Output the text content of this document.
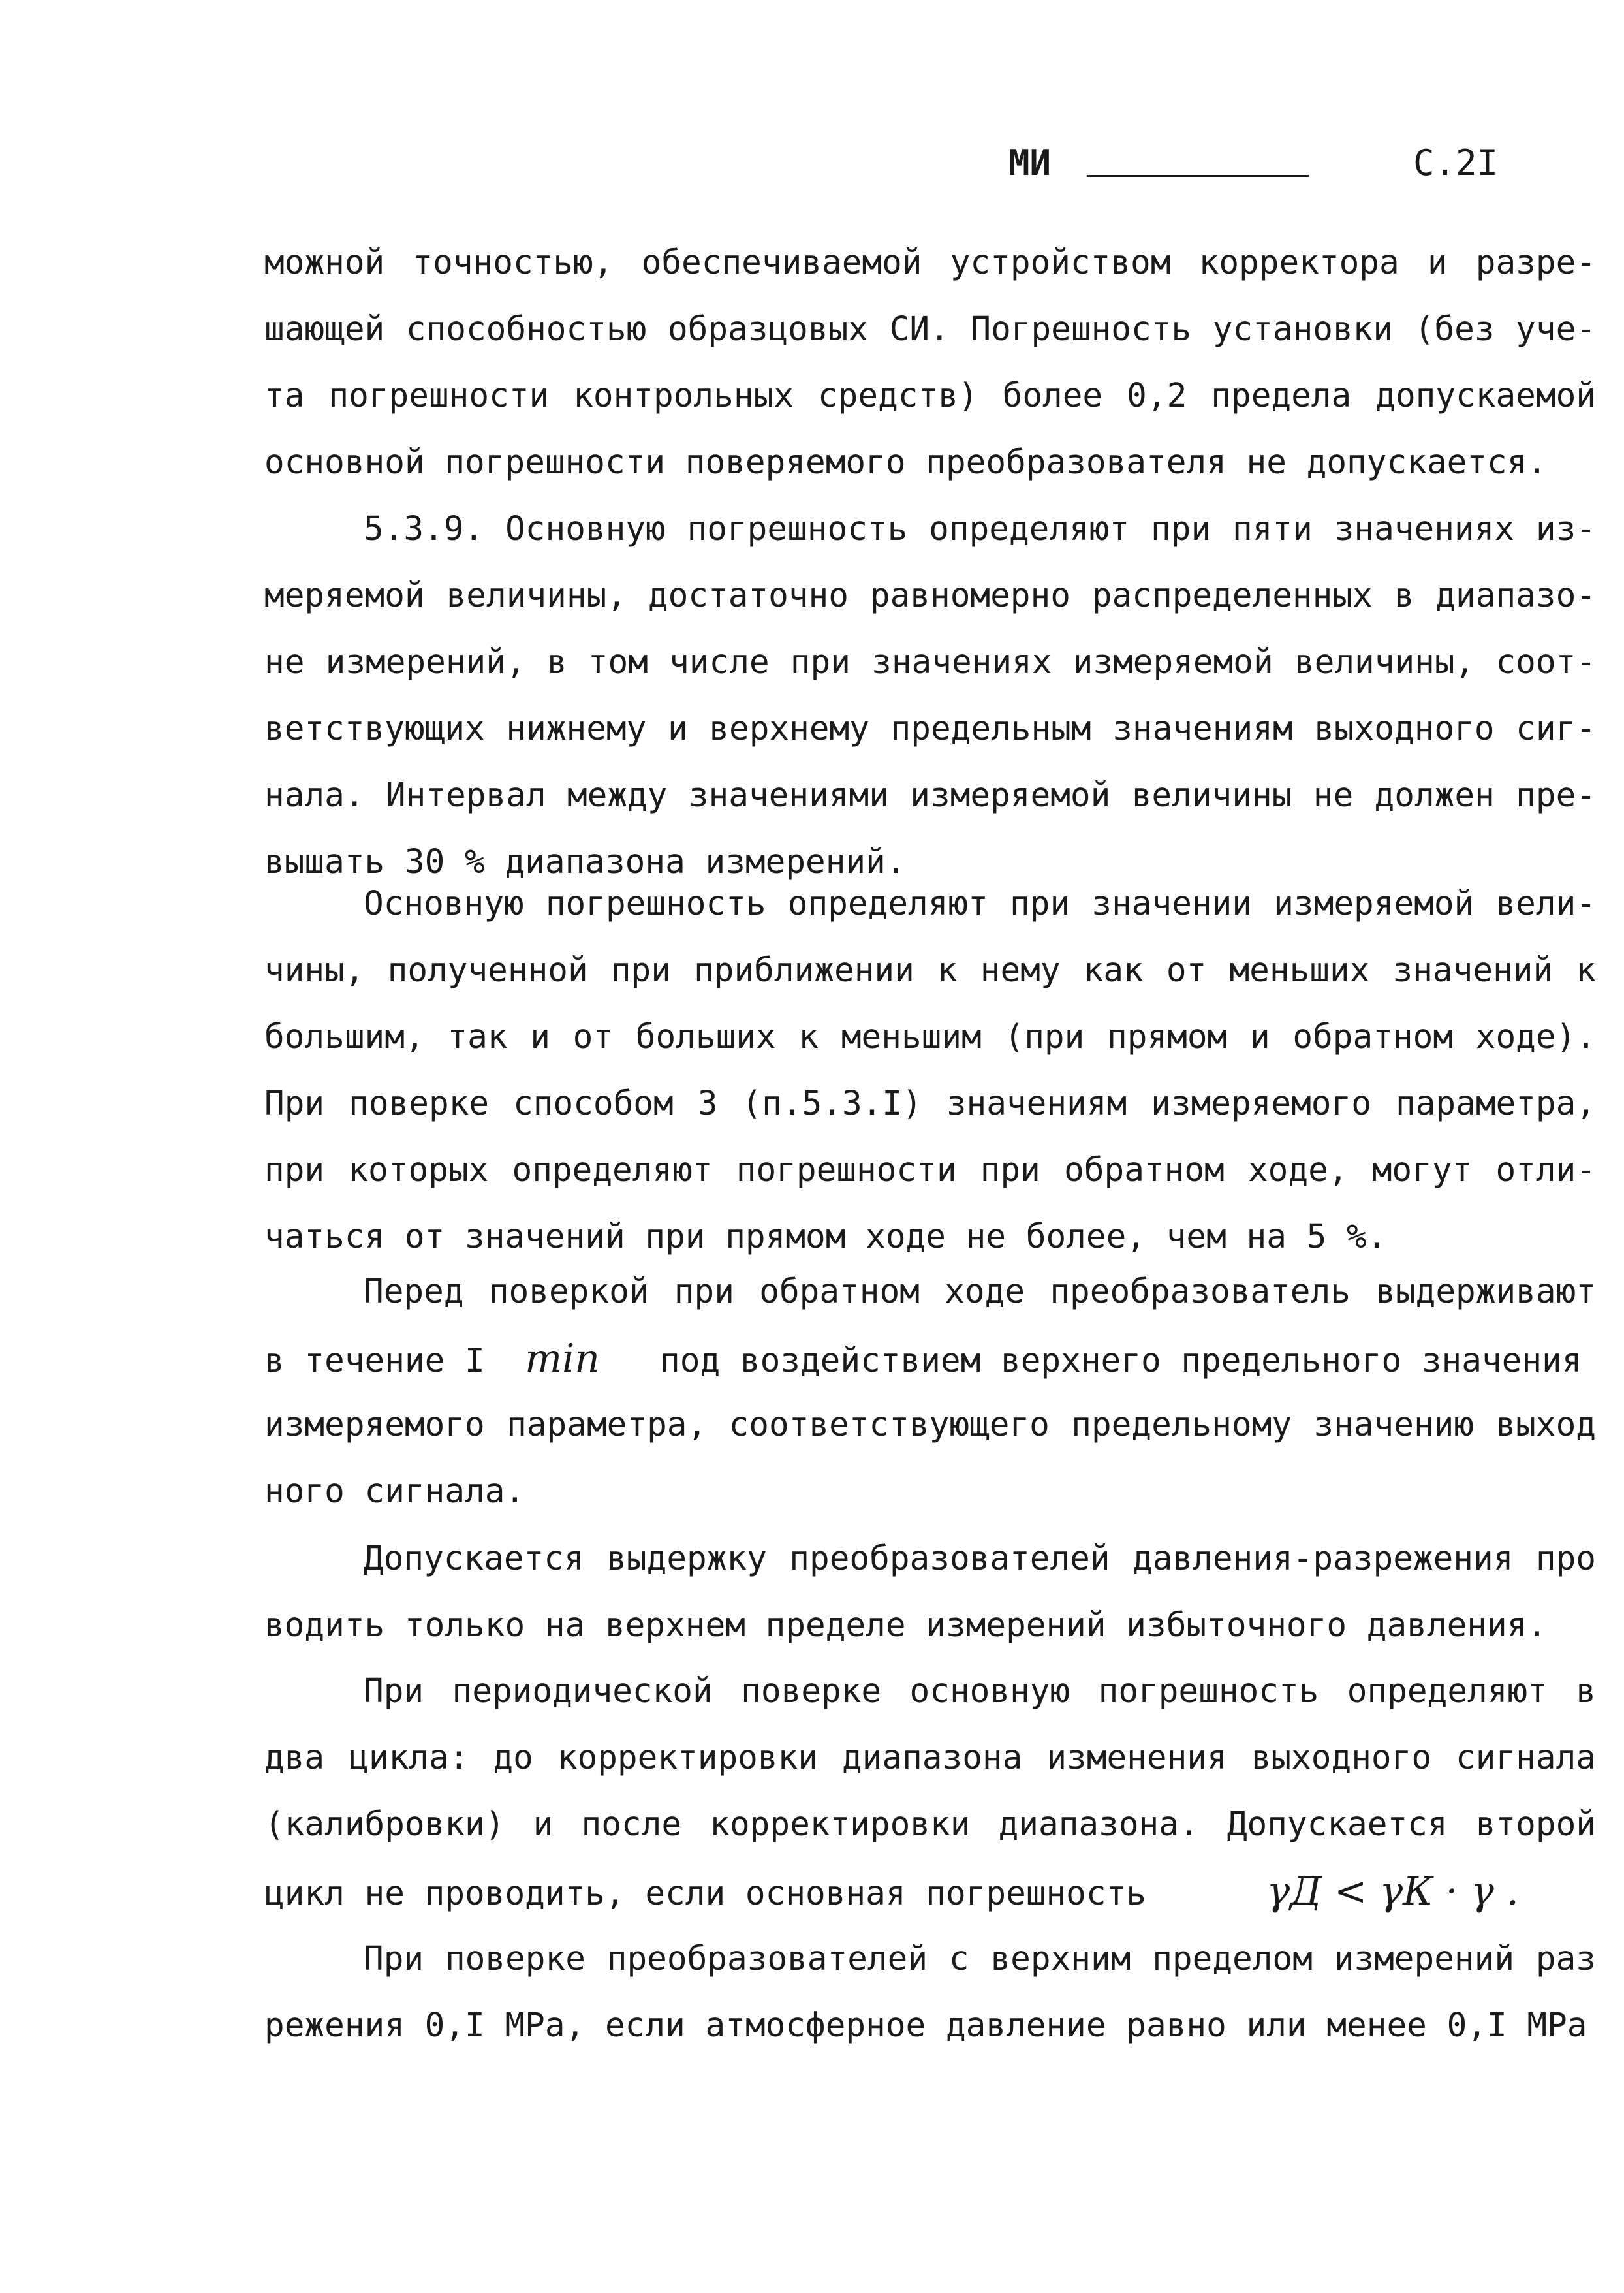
МИ	С.2I
можной точностью, обеспечиваемой устройством корректора и разре-
шающей способностью образцовых СИ. Погрешность установки (без уче-
та погрешности контрольных средств) более 0,2 предела допускаемой
основной погрешности поверяемого преобразователя не допускается.
5.3.9. Основную погрешность определяют при пяти значениях из-
меряемой величины, достаточно равномерно распределенных в диапазо-
не измерений, в том числе при значениях измеряемой величины, соот-
ветствующих нижнему и верхнему предельным значениям выходного сиг-
нала. Интервал между значениями измеряемой величины не должен пре-
вышать 30 % диапазона измерений.
Основную погрешность определяют при значении измеряемой вели-
чины, полученной при приближении к нему как от меньших значений к
большим, так и от больших к меньшим (при прямом и обратном ходе).
При поверке способом 3 (п.5.3.I) значениям измеряемого параметра,
при которых определяют погрешности при обратном ходе, могут отли-
чаться от значений при прямом ходе не более, чем на 5 %.
Перед поверкой при обратном ходе преобразователь выдерживают
в течение I min под воздействием верхнего предельного значения
измеряемого параметра, соответствующего предельному значению выход
ного сигнала.
Допускается выдержку преобразователей давления-разрежения про
водить только на верхнем пределе измерений избыточного давления.
При периодической поверке основную погрешность определяют в
два цикла: до корректировки диапазона изменения выходного сигнала
(калибровки) и после корректировки диапазона. Допускается второй
цикл не проводить, если основная погрешность	γД < γК · γ .
При поверке преобразователей с верхним пределом измерений раз
режения 0,I MPa, если атмосферное давление равно или менее 0,I MPa
